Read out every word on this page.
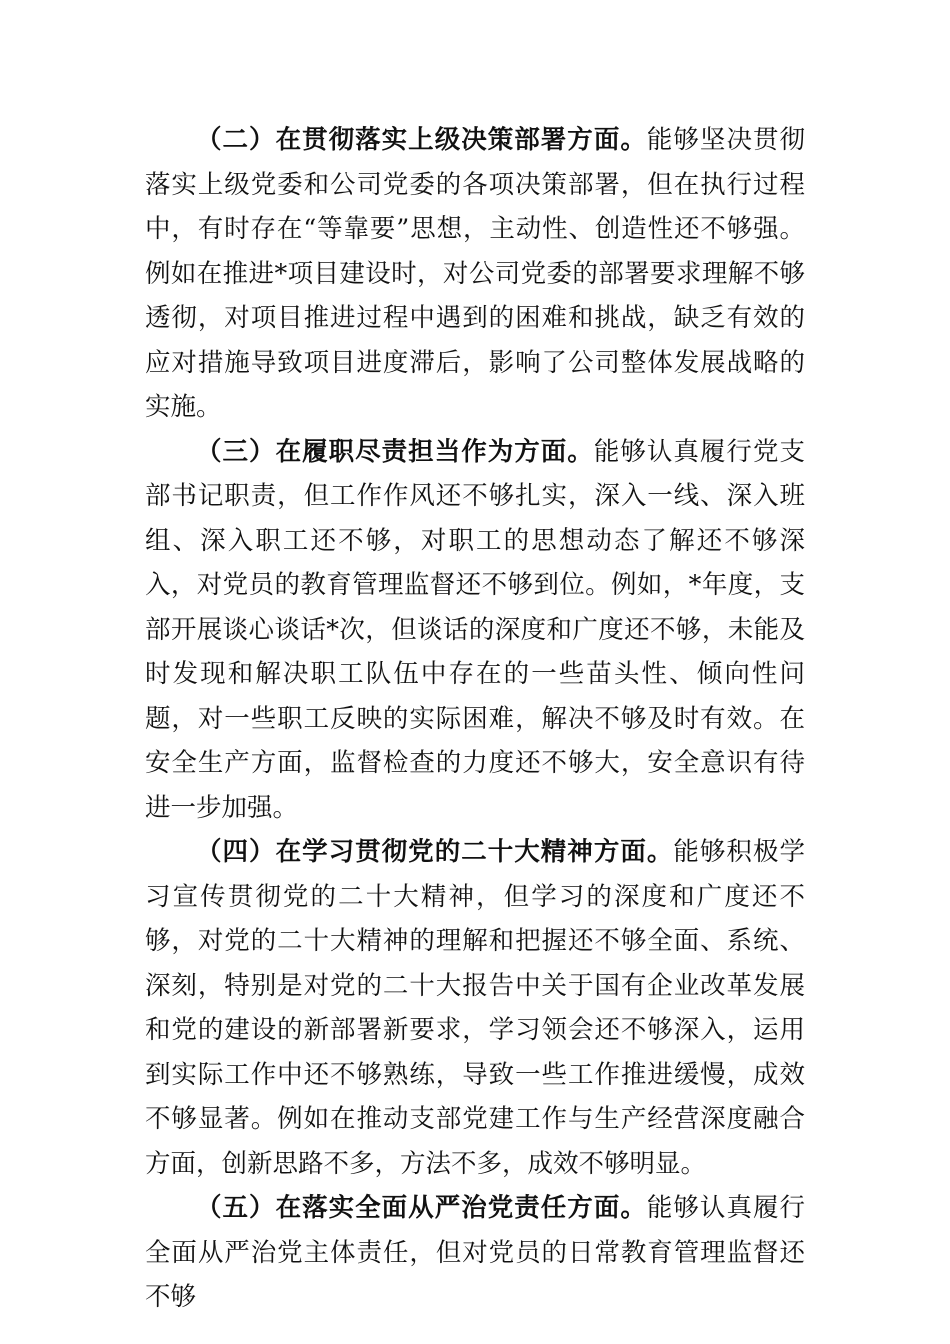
（二）在贯彻落实上级决策部署方面。能够坚决贯彻落实上级党委和公司党委的各项决策部署，但在执行过程中，有时存在“等靠要”思想，主动性、创造性还不够强。例如在推进*项目建设时，对公司党委的部署要求理解不够透彻，对项目推进过程中遇到的困难和挑战，缺乏有效的应对措施导致项目进度滞后，影响了公司整体发展战略的实施。

（三）在履职尽责担当作为方面。能够认真履行党支部书记职责，但工作作风还不够扎实，深入一线、深入班组、深入职工还不够，对职工的思想动态了解还不够深入，对党员的教育管理监督还不够到位。例如，*年度，支部开展谈心谈话*次，但谈话的深度和广度还不够，未能及时发现和解决职工队伍中存在的一些苗头性、倾向性问题，对一些职工反映的实际困难，解决不够及时有效。在安全生产方面，监督检查的力度还不够大，安全意识有待进一步加强。

（四）在学习贯彻党的二十大精神方面。能够积极学习宣传贯彻党的二十大精神，但学习的深度和广度还不够，对党的二十大精神的理解和把握还不够全面、系统、深刻，特别是对党的二十大报告中关于国有企业改革发展和党的建设的新部署新要求，学习领会还不够深入，运用到实际工作中还不够熟练，导致一些工作推进缓慢，成效不够显著。例如在推动支部党建工作与生产经营深度融合方面，创新思路不多，方法不多，成效不够明显。

（五）在落实全面从严治党责任方面。能够认真履行全面从严治党主体责任，但对党员的日常教育管理监督还不够
